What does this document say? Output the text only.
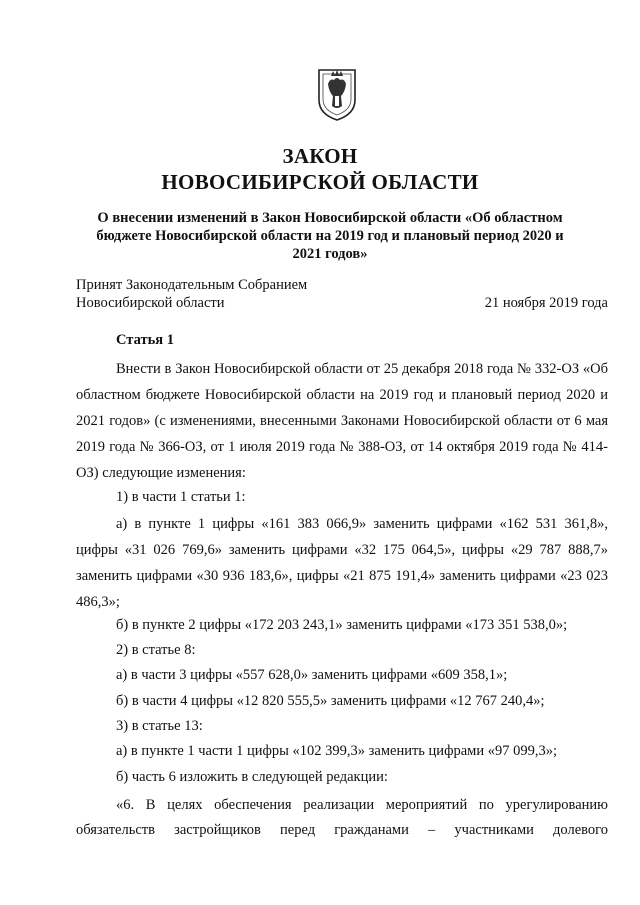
ЗАКОН
НОВОСИБИРСКОЙ ОБЛАСТИ
О внесении изменений в Закон Новосибирской области «Об областном бюджете Новосибирской области на 2019 год и плановый период 2020 и 2021 годов»
Принят Законодательным Собранием
Новосибирской области	21 ноября 2019 года
Статья 1
Внести в Закон Новосибирской области от 25 декабря 2018 года № 332-ОЗ «Об областном бюджете Новосибирской области на 2019 год и плановый период 2020 и 2021 годов» (с изменениями, внесенными Законами Новосибирской области от 6 мая 2019 года № 366-ОЗ, от 1 июля 2019 года № 388-ОЗ, от 14 октября 2019 года № 414-ОЗ) следующие изменения:
1) в части 1 статьи 1:
а) в пункте 1 цифры «161 383 066,9» заменить цифрами «162 531 361,8», цифры «31 026 769,6» заменить цифрами «32 175 064,5», цифры «29 787 888,7» заменить цифрами «30 936 183,6», цифры «21 875 191,4» заменить цифрами «23 023 486,3»;
б) в пункте 2 цифры «172 203 243,1» заменить цифрами «173 351 538,0»;
2) в статье 8:
а) в части 3 цифры «557 628,0» заменить цифрами «609 358,1»;
б) в части 4 цифры «12 820 555,5» заменить цифрами «12 767 240,4»;
3) в статье 13:
а) в пункте 1 части 1 цифры «102 399,3» заменить цифрами «97 099,3»;
б) часть 6 изложить в следующей редакции:
«6. В целях обеспечения реализации мероприятий по урегулированию
обязательств застройщиков перед гражданами – участниками долевого
